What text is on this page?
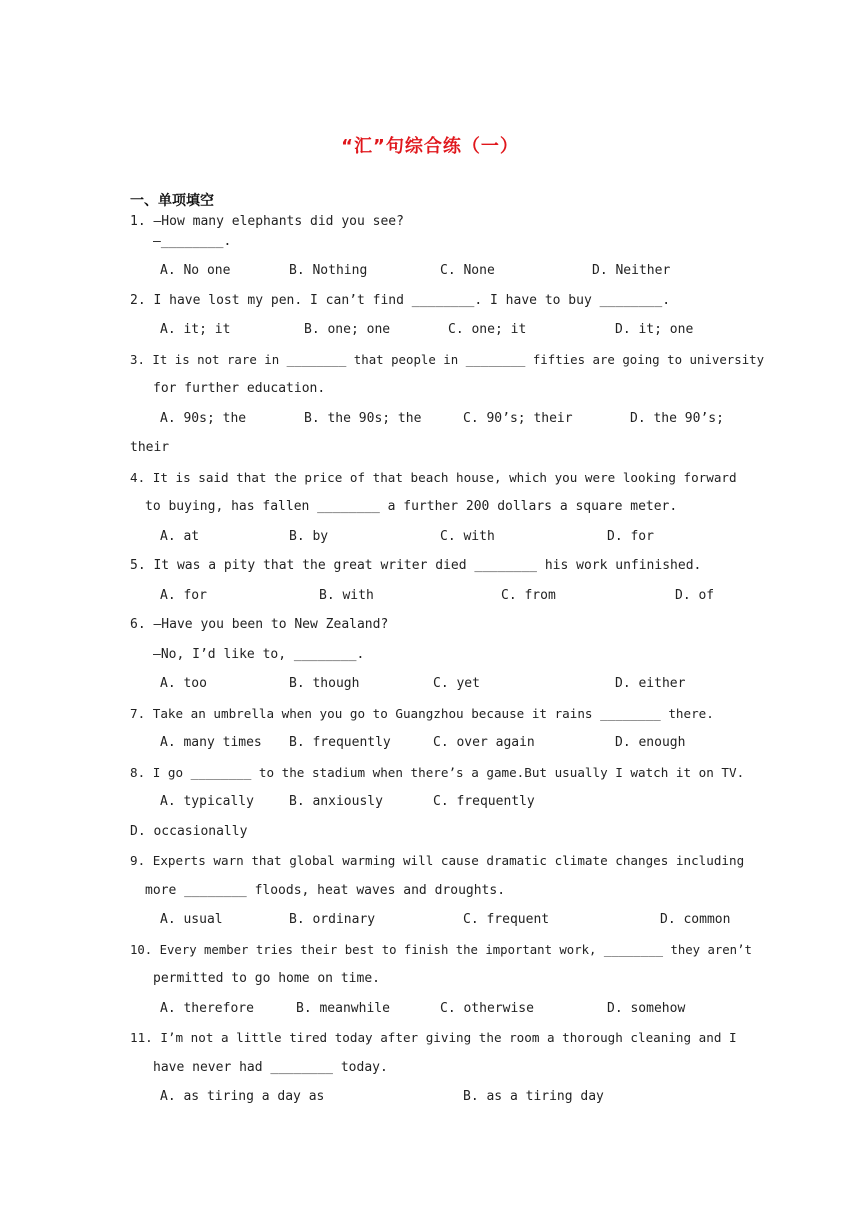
“汇”句综合练（一）
一、单项填空
1. —How many elephants did you see?
—________.
A. No one	B. Nothing	C. None	D. Neither
2. I have lost my pen. I can’t find ________. I have to buy ________.
A. it; it	B. one; one	C. one; it	D. it; one
3. It is not rare in ________ that people in ________ fifties are going to university
for further education.
A. 90s; the	B. the 90s; the	C. 90’s; their	D. the 90’s;
their
4. It is said that the price of that beach house, which you were looking forward
to buying, has fallen ________ a further 200 dollars a square meter.
A. at	B. by	C. with	D. for
5. It was a pity that the great writer died ________ his work unfinished.
A. for	B. with	C. from	D. of
6. —Have you been to New Zealand?
—No, I’d like to, ________.
A. too	B. though	C. yet	D. either
7. Take an umbrella when you go to Guangzhou because it rains ________ there.
A. many times B. frequently	C. over again	D. enough
8. I go ________ to the stadium when there’s a game.But usually I watch it on TV.
A. typically	B. anxiously	C. frequently
D. occasionally
9. Experts warn that global warming will cause dramatic climate changes including
more ________ floods, heat waves and droughts.
A. usual	B. ordinary	C. frequent	D. common
10. Every member tries their best to finish the important work, ________ they aren’t
permitted to go home on time.
A. therefore	B. meanwhile	C. otherwise	D. somehow
11. I’m not a little tired today after giving the room a thorough cleaning and I
have never had ________ today.
A. as tiring a day as	B. as a tiring day
